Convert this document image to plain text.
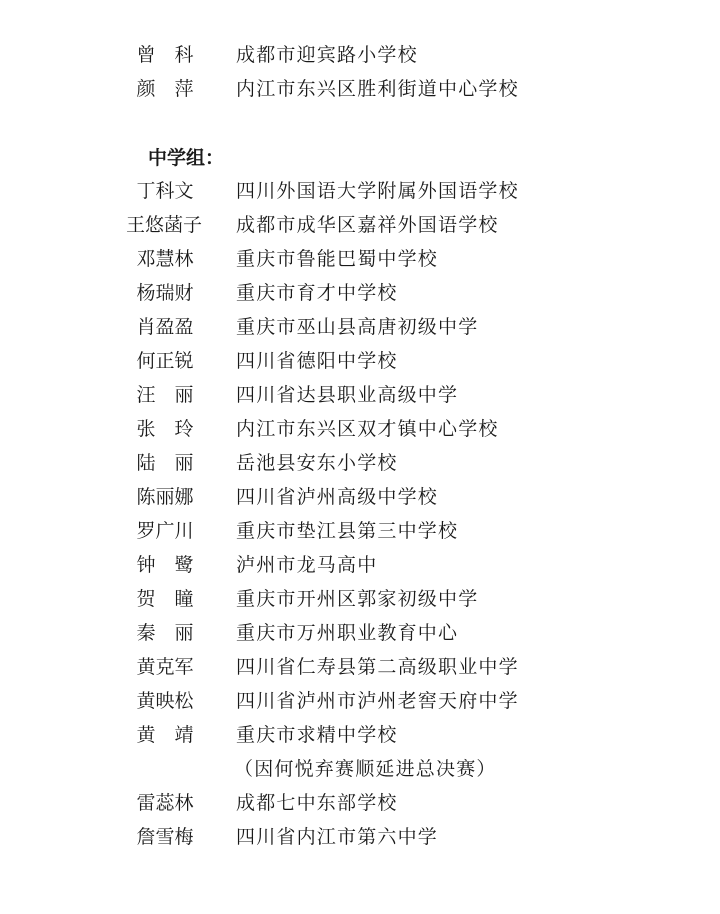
曾　科	成都市迎宾路小学校
颜　萍	内江市东兴区胜利街道中心学校
中学组：
丁科文	四川外国语大学附属外国语学校
王悠菡子	成都市成华区嘉祥外国语学校
邓慧林	重庆市鲁能巴蜀中学校
杨瑞财	重庆市育才中学校
肖盈盈	重庆市巫山县高唐初级中学
何正锐	四川省德阳中学校
汪　丽	四川省达县职业高级中学
张　玲	内江市东兴区双才镇中心学校
陆　丽	岳池县安东小学校
陈丽娜	四川省泸州高级中学校
罗广川	重庆市垫江县第三中学校
钟　鹭	泸州市龙马高中
贺　瞳	重庆市开州区郭家初级中学
秦　丽	重庆市万州职业教育中心
黄克军	四川省仁寿县第二高级职业中学
黄映松	四川省泸州市泸州老窖天府中学
黄　靖	重庆市求精中学校
（因何悦弃赛顺延进总决赛）
雷蕊林	成都七中东部学校
詹雪梅	四川省内江市第六中学
